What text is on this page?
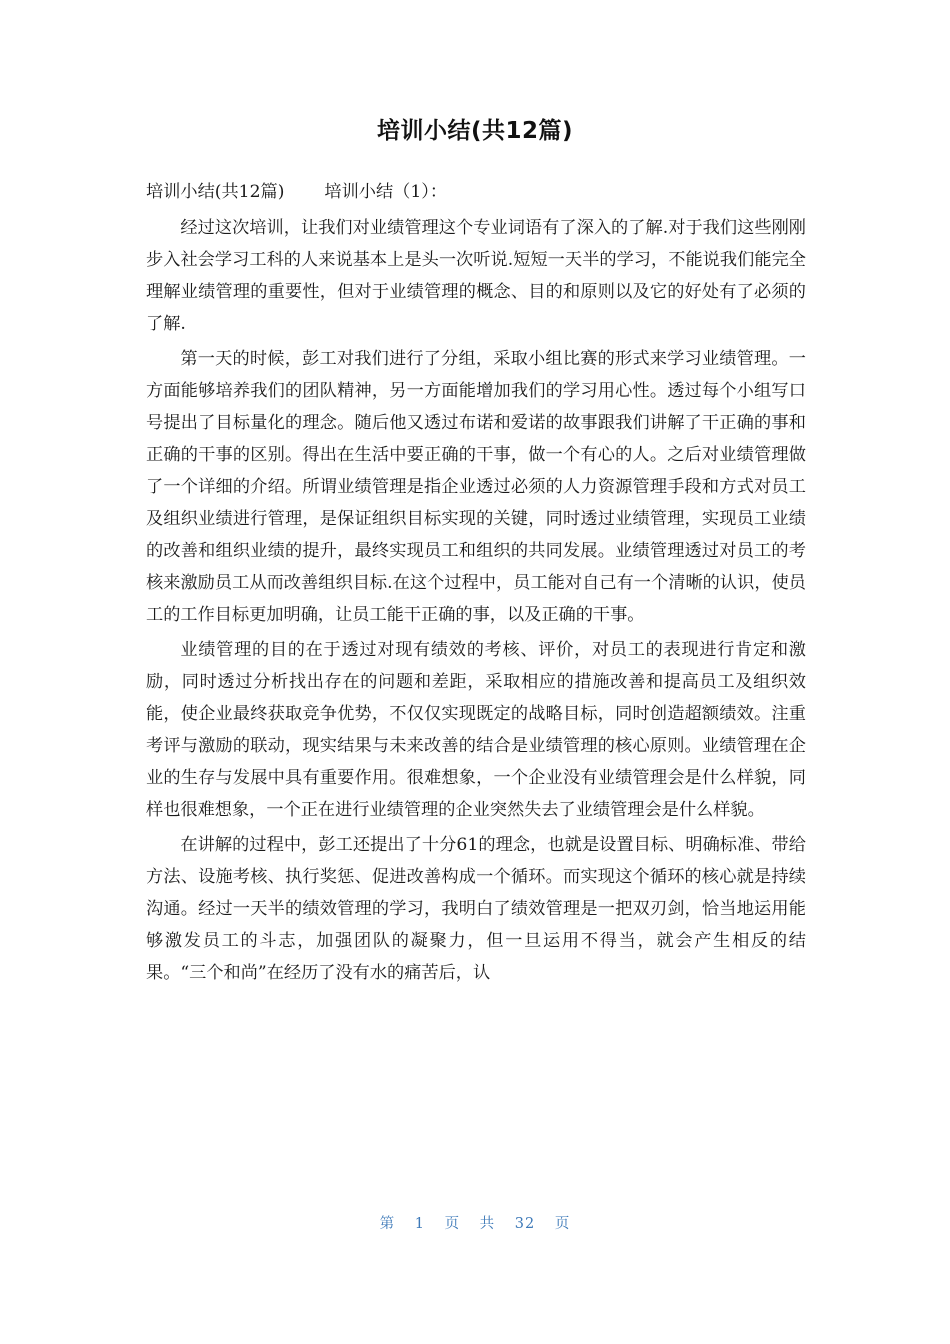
培训小结(共12篇)

培训小结(共12篇) 培训小结（1）：

经过这次培训，让我们对业绩管理这个专业词语有了深入的了解.对于我们这些刚刚步入社会学习工科的人来说基本上是头一次听说.短短一天半的学习，不能说我们能完全理解业绩管理的重要性，但对于业绩管理的概念、目的和原则以及它的好处有了必须的了解.

第一天的时候，彭工对我们进行了分组，采取小组比赛的形式来学习业绩管理。一方面能够培养我们的团队精神，另一方面能增加我们的学习用心性。透过每个小组写口号提出了目标量化的理念。随后他又透过布诺和爱诺的故事跟我们讲解了干正确的事和正确的干事的区别。得出在生活中要正确的干事，做一个有心的人。之后对业绩管理做了一个详细的介绍。所谓业绩管理是指企业透过必须的人力资源管理手段和方式对员工及组织业绩进行管理，是保证组织目标实现的关键，同时透过业绩管理，实现员工业绩的改善和组织业绩的提升，最终实现员工和组织的共同发展。业绩管理透过对员工的考核来激励员工从而改善组织目标.在这个过程中，员工能对自己有一个清晰的认识，使员工的工作目标更加明确，让员工能干正确的事，以及正确的干事。

业绩管理的目的在于透过对现有绩效的考核、评价，对员工的表现进行肯定和激励，同时透过分析找出存在的问题和差距，采取相应的措施改善和提高员工及组织效能，使企业最终获取竞争优势，不仅仅实现既定的战略目标，同时创造超额绩效。注重考评与激励的联动，现实结果与未来改善的结合是业绩管理的核心原则。业绩管理在企业的生存与发展中具有重要作用。很难想象，一个企业没有业绩管理会是什么样貌，同样也很难想象，一个正在进行业绩管理的企业突然失去了业绩管理会是什么样貌。

在讲解的过程中，彭工还提出了十分61的理念，也就是设置目标、明确标准、带给方法、设施考核、执行奖惩、促进改善构成一个循环。而实现这个循环的核心就是持续沟通。经过一天半的绩效管理的学习，我明白了绩效管理是一把双刃剑，恰当地运用能够激发员工的斗志，加强团队的凝聚力，但一旦运用不得当，就会产生相反的结果。“三个和尚”在经历了没有水的痛苦后，认

第 1 页 共 32 页
